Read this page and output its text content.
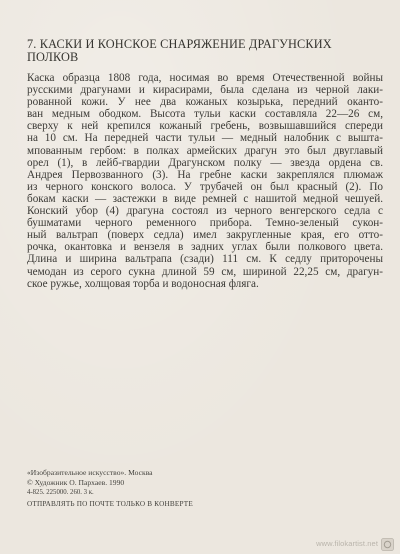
7. КАСКИ И КОНСКОЕ СНАРЯЖЕНИЕ ДРАГУНСКИХ
ПОЛКОВ
Каска образца 1808 года, носимая во время Отечественной войны
русскими драгунами и кирасирами, была сделана из черной лаки-
рованной кожи. У нее два кожаных козырька, передний оканто-
ван медным ободком. Высота тульи каски составляла 22—26 см,
сверху к ней крепился кожаный гребень, возвышавшийся спереди
на 10 см. На передней части тульи — медный налобник с вышта-
мпованным гербом: в полках армейских драгун это был двуглавый
орел (1), в лейб-гвардии Драгунском полку — звезда ордена св.
Андрея Первозванного (3). На гребне каски закреплялся плюмаж
из черного конского волоса. У трубачей он был красный (2). По
бокам каски — застежки в виде ремней с нашитой медной чешуей.
Конский убор (4) драгуна состоял из черного венгерского седла с
бушматами черного ременного прибора. Темно-зеленый сукон-
ный вальтрап (поверх седла) имел закругленные края, его отто-
рочка, окантовка и вензеля в задних углах были полкового цвета.
Длина и ширина вальтрапа (сзади) 111 см. К седлу приторочены
чемодан из серого сукна длиной 59 см, шириной 22,25 см, драгун-
ское ружье, холщовая торба и водоносная фляга.
«Изобразительное искусство». Москва
© Художник О. Пархаев. 1990
4-825. 225000. 260. 3 к.
ОТПРАВЛЯТЬ ПО ПОЧТЕ ТОЛЬКО В КОНВЕРТЕ
www.filokartist.net
